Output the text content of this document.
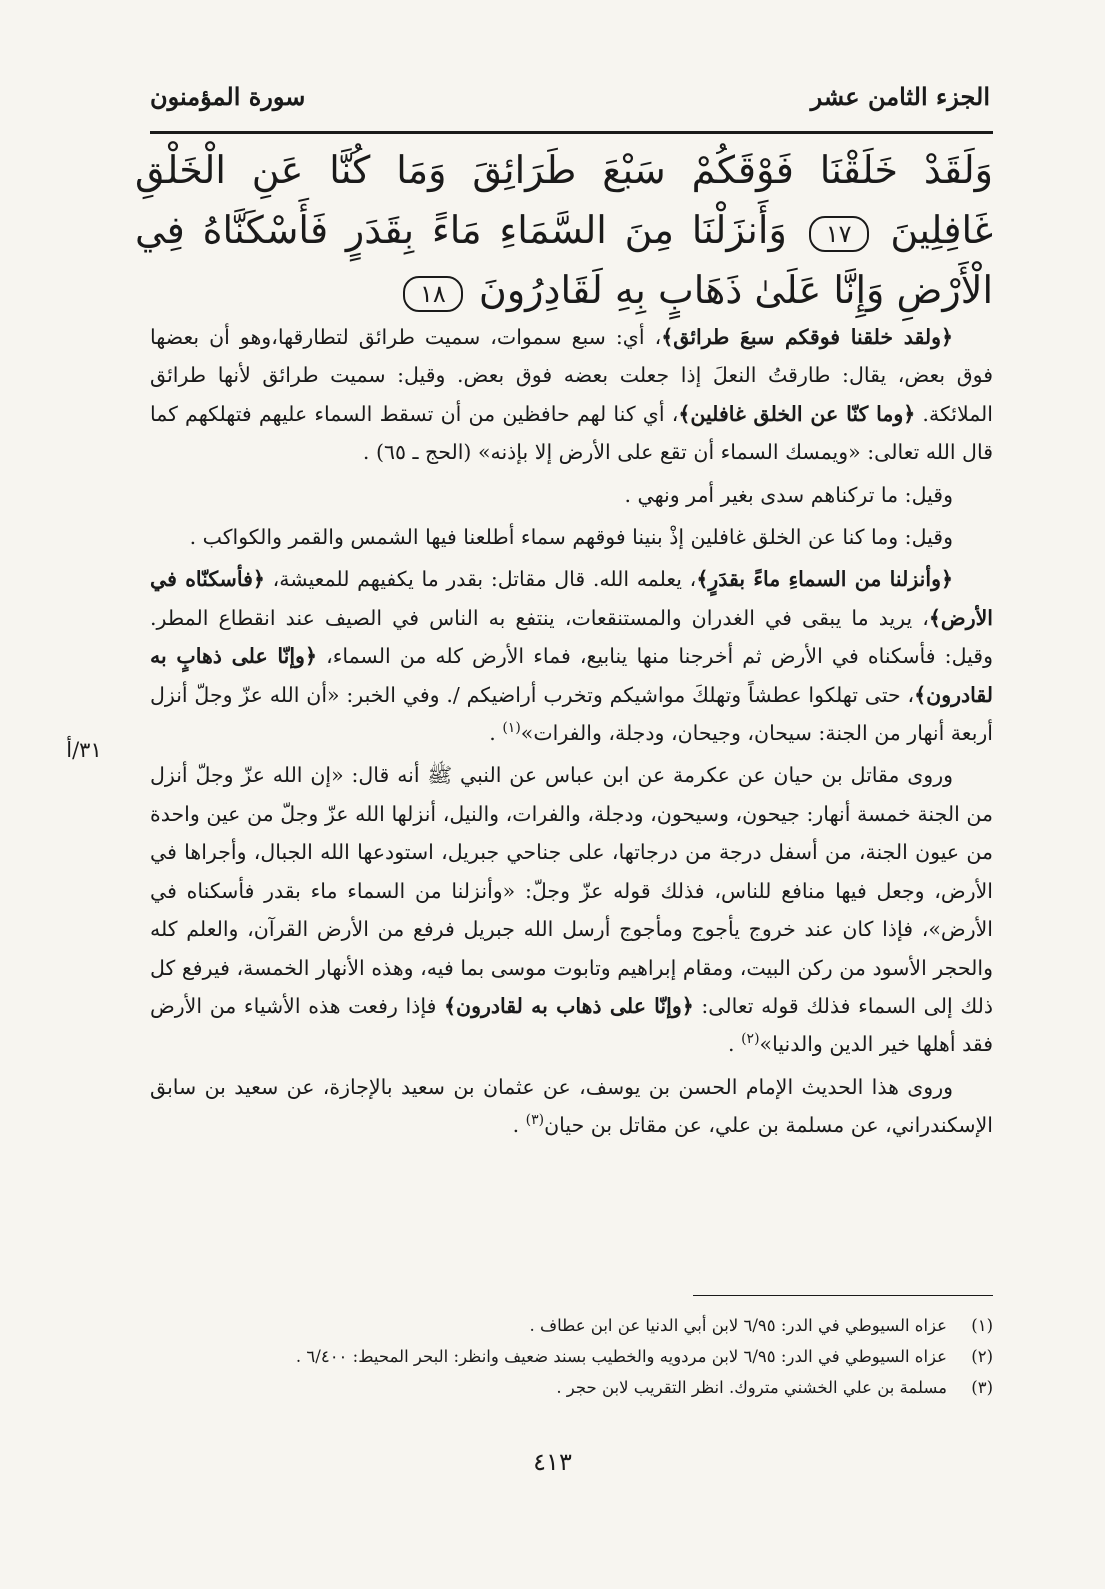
الجزء الثامن عشر
سورة المؤمنون
وَلَقَدْ خَلَقْنَا فَوْقَكُمْ سَبْعَ طَرَائِقَ وَمَا كُنَّا عَنِ الْخَلْقِ غَافِلِينَ ١٧ وَأَنزَلْنَا مِنَ السَّمَاءِ مَاءً بِقَدَرٍ فَأَسْكَنَّاهُ فِي الْأَرْضِ وَإِنَّا عَلَىٰ ذَهَابٍ بِهِ لَقَادِرُونَ ١٨

﴿ولقد خلقنا فوقكم سبعَ طرائق﴾، أي: سبع سموات، سميت طرائق لتطارقها،وهو أن بعضها فوق بعض، يقال: طارقتُ النعلَ إذا جعلت بعضه فوق بعض. وقيل: سميت طرائق لأنها طرائق الملائكة. ﴿وما كنّا عن الخلق غافلين﴾، أي كنا لهم حافظين من أن تسقط السماء عليهم فتهلكهم كما قال الله تعالى: «ويمسك السماء أن تقع على الأرض إلا بإذنه» (الحج ـ ٦٥) .

وقيل: ما تركناهم سدى بغير أمر ونهي .

وقيل: وما كنا عن الخلق غافلين إذْ بنينا فوقهم سماء أطلعنا فيها الشمس والقمر والكواكب .

﴿وأنزلنا من السماءِ ماءً بقدَرٍ﴾، يعلمه الله. قال مقاتل: بقدر ما يكفيهم للمعيشة، ﴿فأسكنّاه في الأرض﴾، يريد ما يبقى في الغدران والمستنقعات، ينتفع به الناس في الصيف عند انقطاع المطر. وقيل: فأسكناه في الأرض ثم أخرجنا منها ينابيع، فماء الأرض كله من السماء، ﴿وإنّا على ذهابٍ به لقادرون﴾، حتى تهلكوا عطشاً وتهلكَ مواشيكم وتخرب أراضيكم /. وفي الخبر: «أن الله عزّ وجلّ أنزل أربعة أنهار من الجنة: سيحان، وجيحان، ودجلة، والفرات»$^{(١)}$ .

وروى مقاتل بن حيان عن عكرمة عن ابن عباس عن النبي ﷺ أنه قال: «إن الله عزّ وجلّ أنزل من الجنة خمسة أنهار: جيحون، وسيحون، ودجلة، والفرات، والنيل، أنزلها الله عزّ وجلّ من عين واحدة من عيون الجنة، من أسفل درجة من درجاتها، على جناحي جبريل، استودعها الله الجبال، وأجراها في الأرض، وجعل فيها منافع للناس، فذلك قوله عزّ وجلّ: «وأنزلنا من السماء ماء بقدر فأسكناه في الأرض»، فإذا كان عند خروج يأجوج ومأجوج أرسل الله جبريل فرفع من الأرض القرآن، والعلم كله والحجر الأسود من ركن البيت، ومقام إبراهيم وتابوت موسى بما فيه، وهذه الأنهار الخمسة، فيرفع كل ذلك إلى السماء فذلك قوله تعالى: ﴿وإنّا على ذهاب به لقادرون﴾ فإذا رفعت هذه الأشياء من الأرض فقد أهلها خير الدين والدنيا»$^{(٢)}$ .

وروى هذا الحديث الإمام الحسن بن يوسف، عن عثمان بن سعيد بالإجازة، عن سعيد بن سابق الإسكندراني، عن مسلمة بن علي، عن مقاتل بن حيان$^{(٣)}$ .

٣١/أ
(١)
عزاه السيوطي في الدر: ٦/٩٥ لابن أبي الدنيا عن ابن عطاف .
(٢)
عزاه السيوطي في الدر: ٦/٩٥ لابن مردويه والخطيب بسند ضعيف وانظر: البحر المحيط: ٦/٤٠٠ .
(٣)
مسلمة بن علي الخشني متروك. انظر التقريب لابن حجر .
٤١٣
